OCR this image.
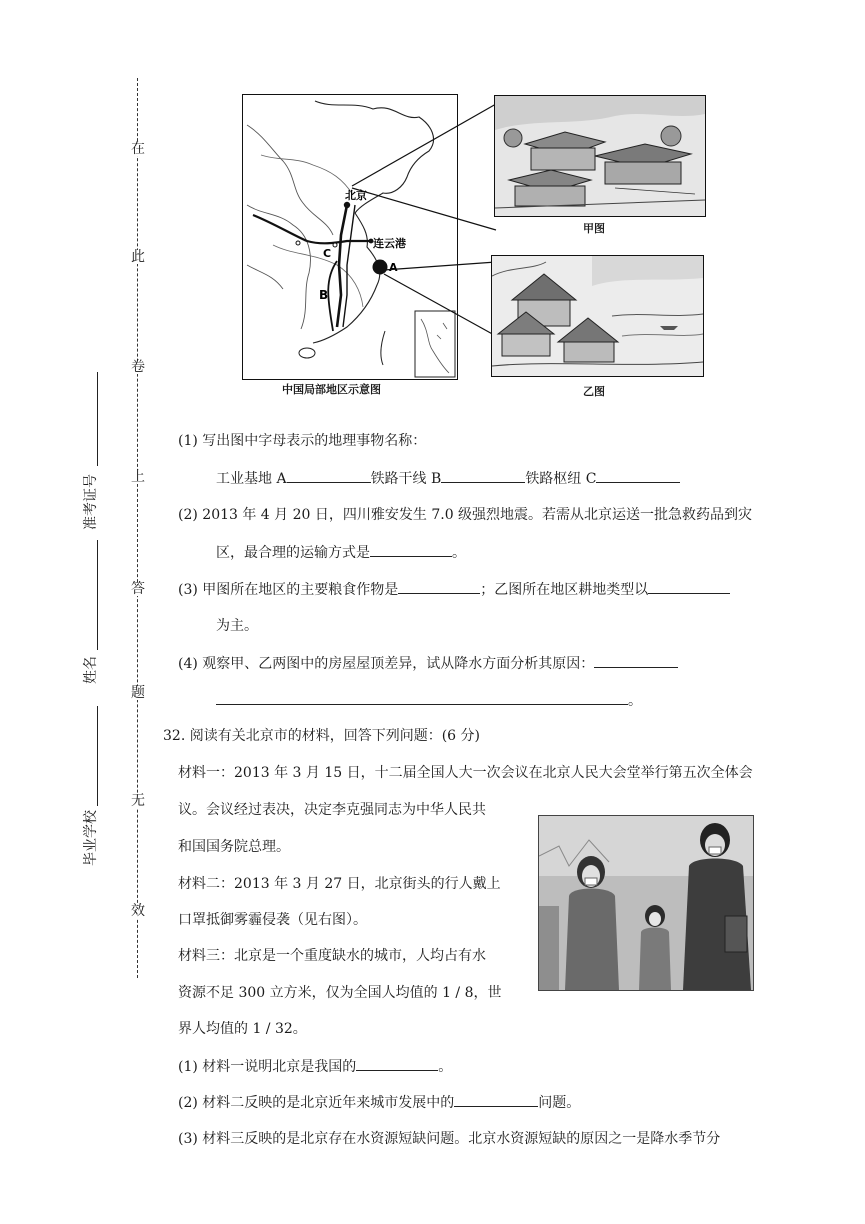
在
此
卷
上
答
题
无
效
准考证号
姓名
毕业学校
北京
连云港
A
B
C
中国局部地区示意图
甲图
乙图
(1) 写出图中字母表示的地理事物名称：
工业基地 A	铁路干线 B	铁路枢纽 C
(2) 2013 年 4 月 20 日，四川雅安发生 7.0 级强烈地震。若需从北京运送一批急救药品到灾
区，最合理的运输方式是	。
(3) 甲图所在地区的主要粮食作物是	；乙图所在地区耕地类型以
为主。
(4) 观察甲、乙两图中的房屋屋顶差异，试从降水方面分析其原因：
。
32. 阅读有关北京市的材料，回答下列问题：(6 分)
材料一：2013 年 3 月 15 日，十二届全国人大一次会议在北京人民大会堂举行第五次全体会
议。会议经过表决，决定李克强同志为中华人民共
和国国务院总理。
材料二：2013 年 3 月 27 日，北京街头的行人戴上
口罩抵御雾霾侵袭（见右图）。
材料三：北京是一个重度缺水的城市，人均占有水
资源不足 300 立方米，仅为全国人均值的 1 / 8，世
界人均值的 1 / 32。
(1) 材料一说明北京是我国的	。
(2) 材料二反映的是北京近年来城市发展中的	问题。
(3) 材料三反映的是北京存在水资源短缺问题。北京水资源短缺的原因之一是降水季节分
